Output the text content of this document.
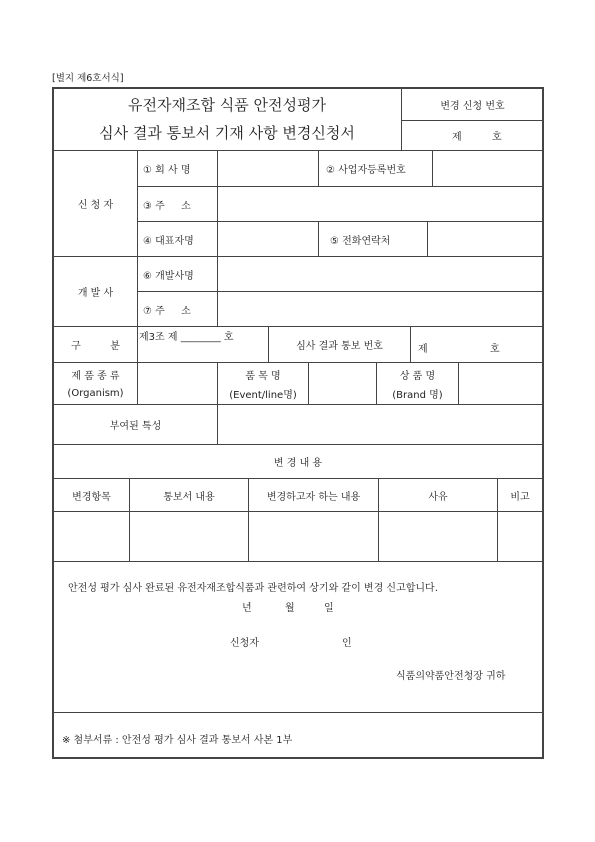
[별지 제6호서식]
유전자재조합 식품 안전성평가
심사 결과 통보서 기재 사항 변경신청서
변경 신청 번호
제	호
신 청 자
① 회 사 명	② 사업자등록번호
③ 주 　 소
④ 대표자명	⑤ 전화연락처
개 발 사
⑥ 개발사명
⑦ 주 　 소
구 　 　 분
제3조 제 ________ 호
심사 결과 통보 번호	제	호
제 품 종 류
(Organism)
품 목 명
(Event/line명)
상 품 명
(Brand 명)
부여된 특성
변 경 내 용
변경항목	통보서 내용	변경하고자 하는 내용	사유	비고
안전성 평가 심사 완료된 유전자재조합식품과 관련하여 상기와 같이 변경 신고합니다.
년	월	일
신청자	인
식품의약품안전청장 귀하
※ 첨부서류 : 안전성 평가 심사 결과 통보서 사본 1부
